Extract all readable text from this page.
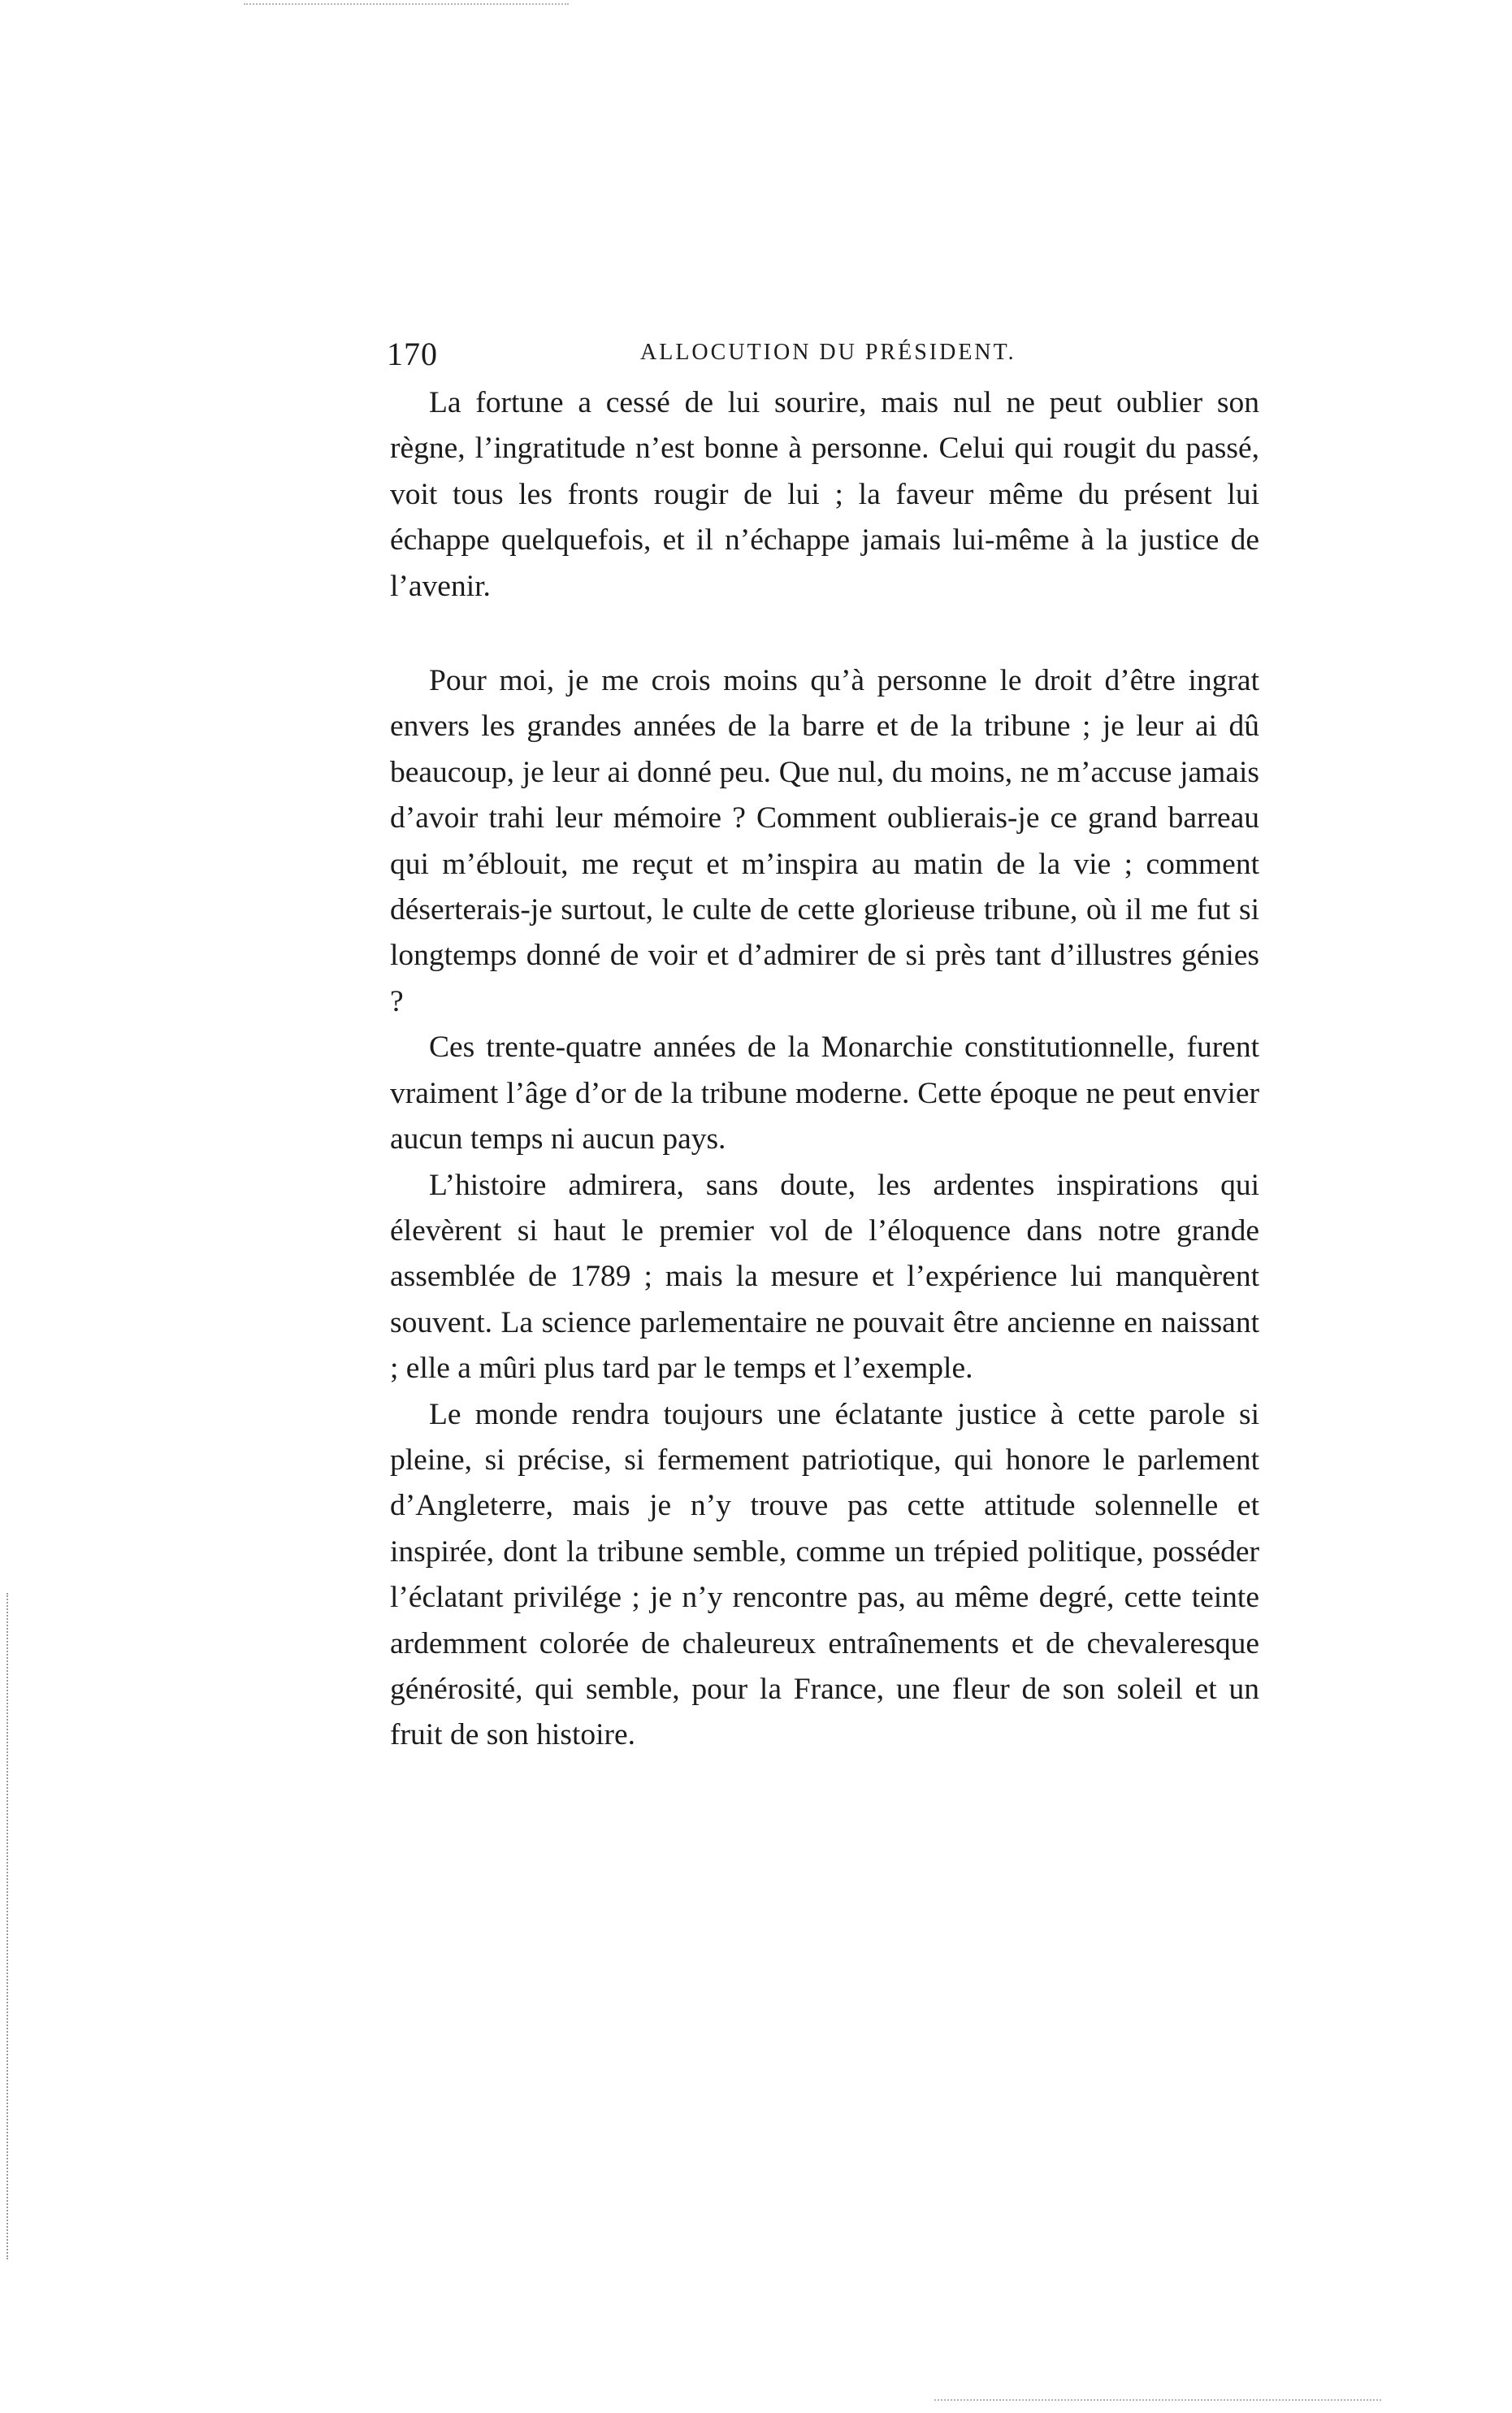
170	ALLOCUTION DU PRÉSIDENT.

La fortune a cessé de lui sourire, mais nul ne peut oublier son règne, l’ingratitude n’est bonne à personne. Celui qui rougit du passé, voit tous les fronts rougir de lui ; la faveur même du présent lui échappe quelquefois, et il n’échappe jamais lui-même à la justice de l’avenir.

Pour moi, je me crois moins qu’à personne le droit d’être ingrat envers les grandes années de la barre et de la tribune ; je leur ai dû beaucoup, je leur ai donné peu. Que nul, du moins, ne m’accuse jamais d’avoir trahi leur mémoire ? Comment oublierais-je ce grand barreau qui m’éblouit, me reçut et m’inspira au matin de la vie ; comment déserterais-je surtout, le culte de cette glorieuse tribune, où il me fut si longtemps donné de voir et d’admirer de si près tant d’illustres génies ?

Ces trente-quatre années de la Monarchie constitutionnelle, furent vraiment l’âge d’or de la tribune moderne. Cette époque ne peut envier aucun temps ni aucun pays.

L’histoire admirera, sans doute, les ardentes inspirations qui élevèrent si haut le premier vol de l’éloquence dans notre grande assemblée de 1789 ; mais la mesure et l’expérience lui manquèrent souvent. La science parlementaire ne pouvait être ancienne en naissant ; elle a mûri plus tard par le temps et l’exemple.

Le monde rendra toujours une éclatante justice à cette parole si pleine, si précise, si fermement patriotique, qui honore le parlement d’Angleterre, mais je n’y trouve pas cette attitude solennelle et inspirée, dont la tribune semble, comme un trépied politique, posséder l’éclatant privilége ; je n’y rencontre pas, au même degré, cette teinte ardemment colorée de chaleureux entraînements et de chevaleresque générosité, qui semble, pour la France, une fleur de son soleil et un fruit de son histoire.
